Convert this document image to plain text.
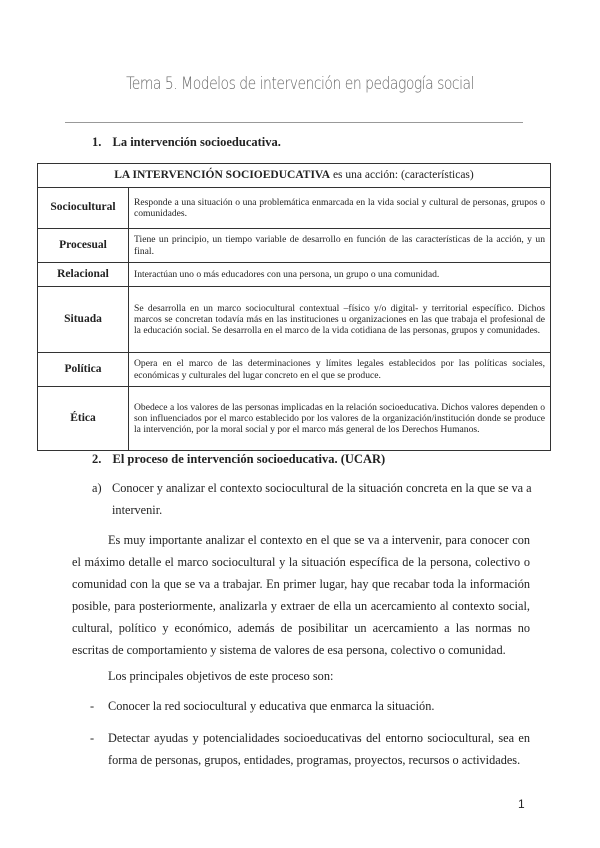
Tema 5. Modelos de intervención en pedagogía social
1. La intervención socioeducativa.
LA INTERVENCIÓN SOCIOEDUCATIVA es una acción: (características)	
Sociocultural	Responde a una situación o una problemática enmarcada en la vida social y cultural de personas, grupos o comunidades.
Procesual	Tiene un principio, un tiempo variable de desarrollo en función de las características de la acción, y un final.
Relacional	Interactúan uno o más educadores con una persona, un grupo o una comunidad.
Situada	Se desarrolla en un marco sociocultural contextual –físico y/o digital- y territorial específico. Dichos marcos se concretan todavía más en las instituciones u organizaciones en las que trabaja el profesional de la educación social. Se desarrolla en el marco de la vida cotidiana de las personas, grupos y comunidades.
Política	Opera en el marco de las determinaciones y límites legales establecidos por las políticas sociales, económicas y culturales del lugar concreto en el que se produce.
Ética	Obedece a los valores de las personas implicadas en la relación socioeducativa. Dichos valores dependen o son influenciados por el marco establecido por los valores de la organización/institución donde se produce la intervención, por la moral social y por el marco más general de los Derechos Humanos.
2. El proceso de intervención socioeducativa. (UCAR)
a) Conocer y analizar el contexto sociocultural de la situación concreta en la que se va a intervenir.
Es muy importante analizar el contexto en el que se va a intervenir, para conocer con el máximo detalle el marco sociocultural y la situación específica de la persona, colectivo o comunidad con la que se va a trabajar. En primer lugar, hay que recabar toda la información posible, para posteriormente, analizarla y extraer de ella un acercamiento al contexto social, cultural, político y económico, además de posibilitar un acercamiento a las normas no escritas de comportamiento y sistema de valores de esa persona, colectivo o comunidad.
Los principales objetivos de este proceso son:
- Conocer la red sociocultural y educativa que enmarca la situación.
- Detectar ayudas y potencialidades socioeducativas del entorno sociocultural, sea en forma de personas, grupos, entidades, programas, proyectos, recursos o actividades.
1
